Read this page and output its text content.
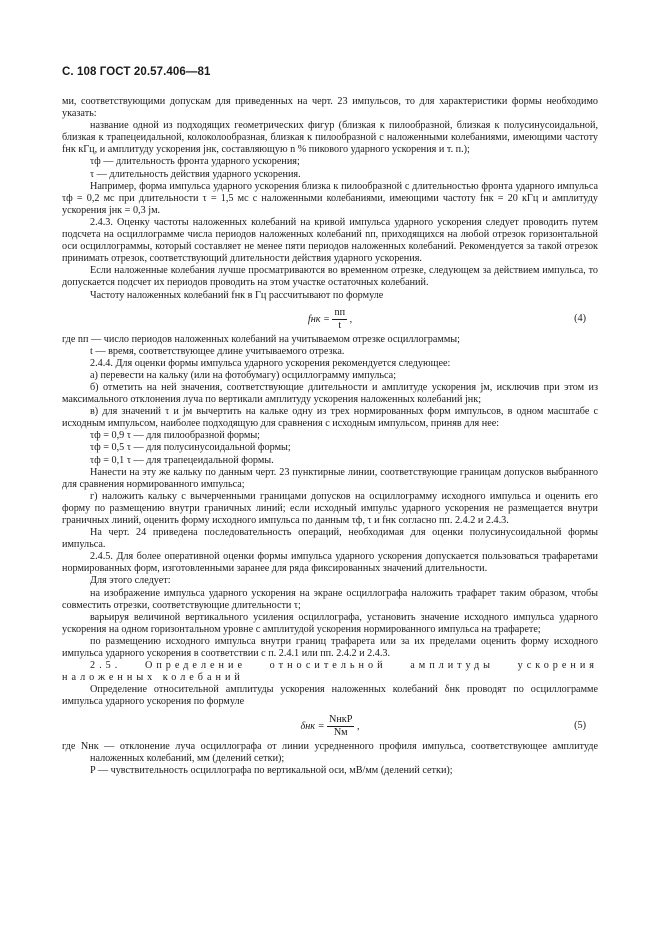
С. 108 ГОСТ 20.57.406—81

ми, соответствующими допускам для приведенных на черт. 23 импульсов, то для характеристики формы необходимо указать:

название одной из подходящих геометрических фигур (близкая к пилообразной, близкая к полусинусоидальной, близкая к трапецеидальной, колоколообразная, близкая к пилообразной с наложенными колебаниями, имеющими частоту fнк кГц, и амплитуду ускорения jнк, составляющую n % пикового ударного ускорения и т. п.);

τф — длительность фронта ударного ускорения;

τ — длительность действия ударного ускорения.

Например, форма импульса ударного ускорения близка к пилообразной с длительностью фронта ударного импульса τф = 0,2 мс при длительности τ = 1,5 мс с наложенными колебаниями, имеющими частоту fнк = 20 кГц и амплитуду ускорения jнк = 0,3 jм.

2.4.3. Оценку частоты наложенных колебаний на кривой импульса ударного ускорения следует проводить путем подсчета на осциллограмме числа периодов наложенных колебаний nп, приходящихся на любой отрезок горизонтальной оси осциллограммы, который составляет не менее пяти периодов наложенных колебаний. Рекомендуется за такой отрезок принимать отрезок, соответствующий длительности действия ударного ускорения.

Если наложенные колебания лучше просматриваются во временном отрезке, следующем за действием импульса, то допускается подсчет их периодов проводить на этом участке остаточных колебаний.

Частоту наложенных колебаний fнк в Гц рассчитывают по формуле

fнк = $\frac{nп}{t}$ ,	(4)

где nп — число периодов наложенных колебаний на учитываемом отрезке осциллограммы;

t — время, соответствующее длине учитываемого отрезка.

2.4.4. Для оценки формы импульса ударного ускорения рекомендуется следующее:

а) перевести на кальку (или на фотобумагу) осциллограмму импульса;

б) отметить на ней значения, соответствующие длительности и амплитуде ускорения jм, исключив при этом из максимального отклонения луча по вертикали амплитуду ускорения наложенных колебаний jнк;

в) для значений τ и jм вычертить на кальке одну из трех нормированных форм импульсов, в одном масштабе с исходным импульсом, наиболее подходящую для сравнения с исходным импульсом, приняв для нее:

τф = 0,9 τ — для пилообразной формы;

τф = 0,5 τ — для полусинусоидальной формы;

τф = 0,1 τ — для трапецеидальной формы.

Нанести на эту же кальку по данным черт. 23 пунктирные линии, соответствующие границам допусков выбранного для сравнения нормированного импульса;

г) наложить кальку с вычерченными границами допусков на осциллограмму исходного импульса и оценить его форму по размещению внутри граничных линий; если исходный импульс ударного ускорения не размещается внутри граничных линий, оценить форму исходного импульса по данным τф, τ и fнк согласно пп. 2.4.2 и 2.4.3.

На черт. 24 приведена последовательность операций, необходимая для оценки полусинусоидальной формы импульса.

2.4.5. Для более оперативной оценки формы импульса ударного ускорения допускается пользоваться трафаретами нормированных форм, изготовленными заранее для ряда фиксированных значений длительности.

Для этого следует:

на изображение импульса ударного ускорения на экране осциллографа наложить трафарет таким образом, чтобы совместить отрезки, соответствующие длительности τ;

варьируя величиной вертикального усиления осциллографа, установить значение исходного импульса ударного ускорения на одном горизонтальном уровне с амплитудой ускорения нормированного импульса на трафарете;

по размещению исходного импульса внутри границ трафарета или за их пределами оценить форму исходного импульса ударного ускорения в соответствии с п. 2.4.1 или пп. 2.4.2 и 2.4.3.

2.5. Определение относительной амплитуды ускорения наложенных колебаний

Определение относительной амплитуды ускорения наложенных колебаний δнк проводят по осциллограмме импульса ударного ускорения по формуле

$\delta нк = \frac{\text{NнкP}}{Nм}$ ,	(5)

где Nнк — отклонение луча осциллографа от линии усредненного профиля импульса, соответствующее амплитуде наложенных колебаний, мм (делений сетки);

P — чувствительность осциллографа по вертикальной оси, мВ/мм (делений сетки);
